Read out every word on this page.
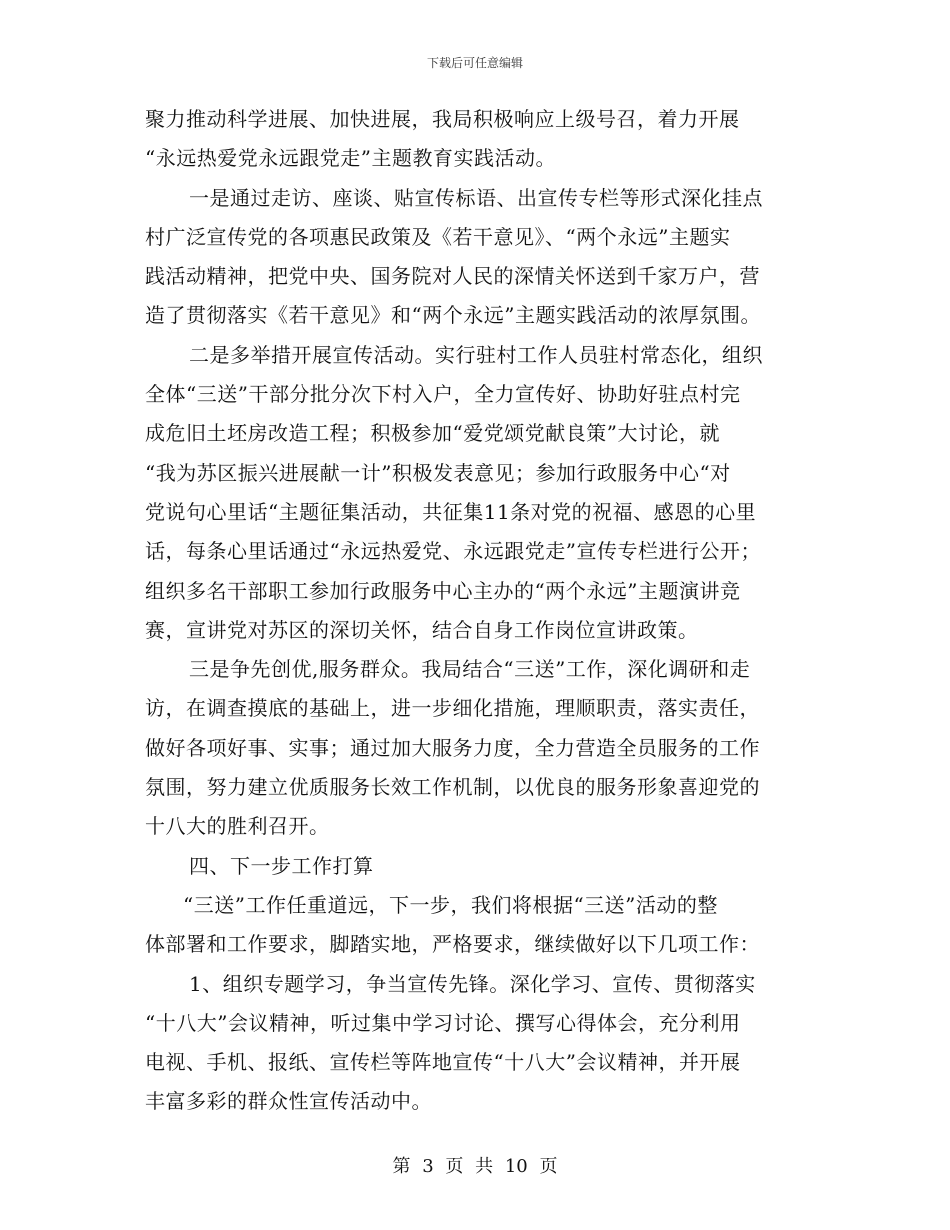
下载后可任意编辑
聚力推动科学进展、加快进展，我局积极响应上级号召，着力开展
“永远热爱党永远跟党走”主题教育实践活动。
一是通过走访、座谈、贴宣传标语、出宣传专栏等形式深化挂点
村广泛宣传党的各项惠民政策及《若干意见》、“两个永远”主题实
践活动精神，把党中央、国务院对人民的深情关怀送到千家万户，营
造了贯彻落实《若干意见》和“两个永远”主题实践活动的浓厚氛围。
二是多举措开展宣传活动。实行驻村工作人员驻村常态化，组织
全体“三送”干部分批分次下村入户，全力宣传好、协助好驻点村完
成危旧土坯房改造工程；积极参加“爱党颂党献良策”大讨论，就
“我为苏区振兴进展献一计”积极发表意见；参加行政服务中心“对
党说句心里话“主题征集活动，共征集11条对党的祝福、感恩的心里
话，每条心里话通过“永远热爱党、永远跟党走”宣传专栏进行公开；
组织多名干部职工参加行政服务中心主办的“两个永远”主题演讲竞
赛，宣讲党对苏区的深切关怀，结合自身工作岗位宣讲政策。
三是争先创优,服务群众。我局结合“三送”工作，深化调研和走
访，在调查摸底的基础上，进一步细化措施，理顺职责，落实责任，
做好各项好事、实事；通过加大服务力度，全力营造全员服务的工作
氛围，努力建立优质服务长效工作机制，以优良的服务形象喜迎党的
十八大的胜利召开。
四、下一步工作打算
“三送”工作任重道远，下一步，我们将根据“三送”活动的整
体部署和工作要求，脚踏实地，严格要求，继续做好以下几项工作：
1、组织专题学习，争当宣传先锋。深化学习、宣传、贯彻落实
“十八大”会议精神，听过集中学习讨论、撰写心得体会，充分利用
电视、手机、报纸、宣传栏等阵地宣传“十八大”会议精神，并开展
丰富多彩的群众性宣传活动中。
第 3 页 共 10 页
